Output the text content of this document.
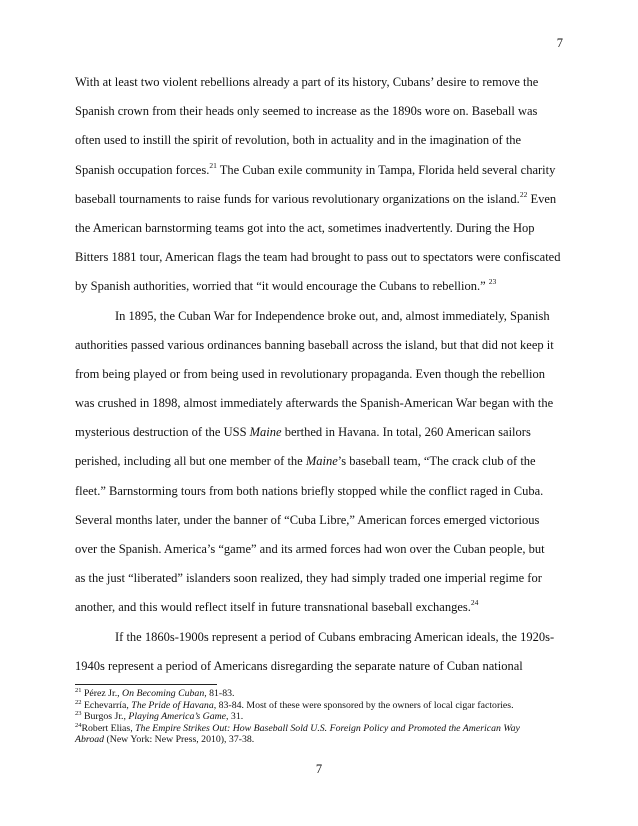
7
With at least two violent rebellions already a part of its history, Cubans’ desire to remove the
Spanish crown from their heads only seemed to increase as the 1890s wore on. Baseball was
often used to instill the spirit of revolution, both in actuality and in the imagination of the
Spanish occupation forces.$^{21}$ The Cuban exile community in Tampa, Florida held several charity
baseball tournaments to raise funds for various revolutionary organizations on the island.$^{22}$ Even
the American barnstorming teams got into the act, sometimes inadvertently. During the Hop
Bitters 1881 tour, American flags the team had brought to pass out to spectators were confiscated
by Spanish authorities, worried that “it would encourage the Cubans to rebellion.” $^{23}$
In 1895, the Cuban War for Independence broke out, and, almost immediately, Spanish
authorities passed various ordinances banning baseball across the island, but that did not keep it
from being played or from being used in revolutionary propaganda. Even though the rebellion
was crushed in 1898, almost immediately afterwards the Spanish-American War began with the
mysterious destruction of the USS Maine berthed in Havana. In total, 260 American sailors
perished, including all but one member of the Maine’s baseball team, “The crack club of the
fleet.” Barnstorming tours from both nations briefly stopped while the conflict raged in Cuba.
Several months later, under the banner of “Cuba Libre,” American forces emerged victorious
over the Spanish. America’s “game” and its armed forces had won over the Cuban people, but
as the just “liberated” islanders soon realized, they had simply traded one imperial regime for
another, and this would reflect itself in future transnational baseball exchanges.$^{24}$
If the 1860s-1900s represent a period of Cubans embracing American ideals, the 1920s-
1940s represent a period of Americans disregarding the separate nature of Cuban national
$^{21}$ Pérez Jr., On Becoming Cuban, 81-83.
$^{22}$ Echevarría, The Pride of Havana, 83-84. Most of these were sponsored by the owners of local cigar factories.
$^{23}$ Burgos Jr., Playing America’s Game, 31.
$^{24}$Robert Elias, The Empire Strikes Out: How Baseball Sold U.S. Foreign Policy and Promoted the American Way
Abroad (New York: New Press, 2010), 37-38.
7
